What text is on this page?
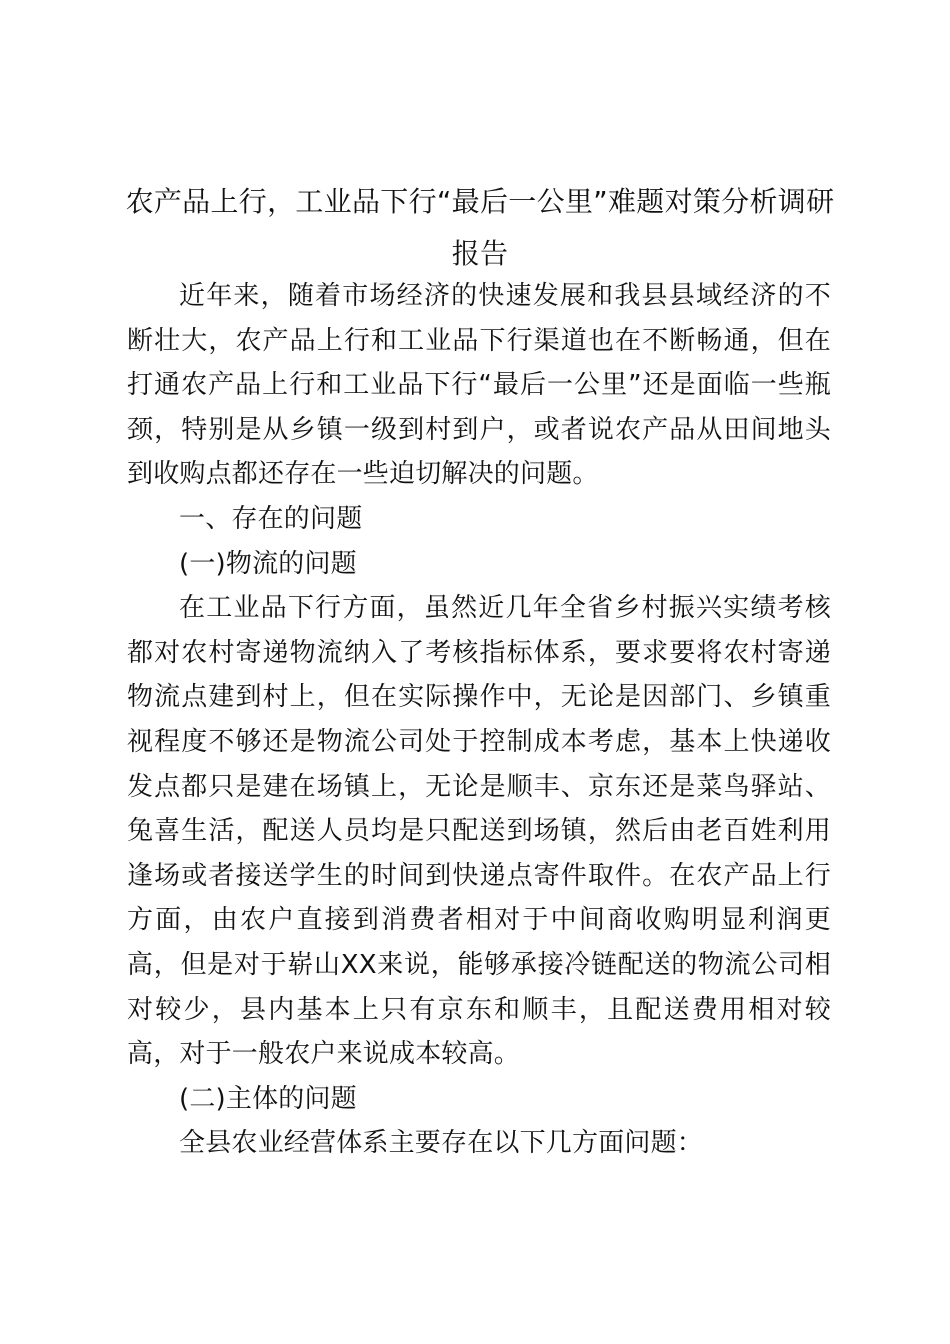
农产品上行，工业品下行“最后一公里”难题对策分析调研报告

近年来，随着市场经济的快速发展和我县县域经济的不断壮大，农产品上行和工业品下行渠道也在不断畅通，但在打通农产品上行和工业品下行“最后一公里”还是面临一些瓶颈，特别是从乡镇一级到村到户，或者说农产品从田间地头到收购点都还存在一些迫切解决的问题。

一、存在的问题

(一)物流的问题

在工业品下行方面，虽然近几年全省乡村振兴实绩考核都对农村寄递物流纳入了考核指标体系，要求要将农村寄递物流点建到村上，但在实际操作中，无论是因部门、乡镇重视程度不够还是物流公司处于控制成本考虑，基本上快递收发点都只是建在场镇上，无论是顺丰、京东还是菜鸟驿站、兔喜生活，配送人员均是只配送到场镇，然后由老百姓利用逢场或者接送学生的时间到快递点寄件取件。在农产品上行方面，由农户直接到消费者相对于中间商收购明显利润更高，但是对于崭山XX来说，能够承接冷链配送的物流公司相对较少，县内基本上只有京东和顺丰，且配送费用相对较高，对于一般农户来说成本较高。

(二)主体的问题

全县农业经营体系主要存在以下几方面问题：
